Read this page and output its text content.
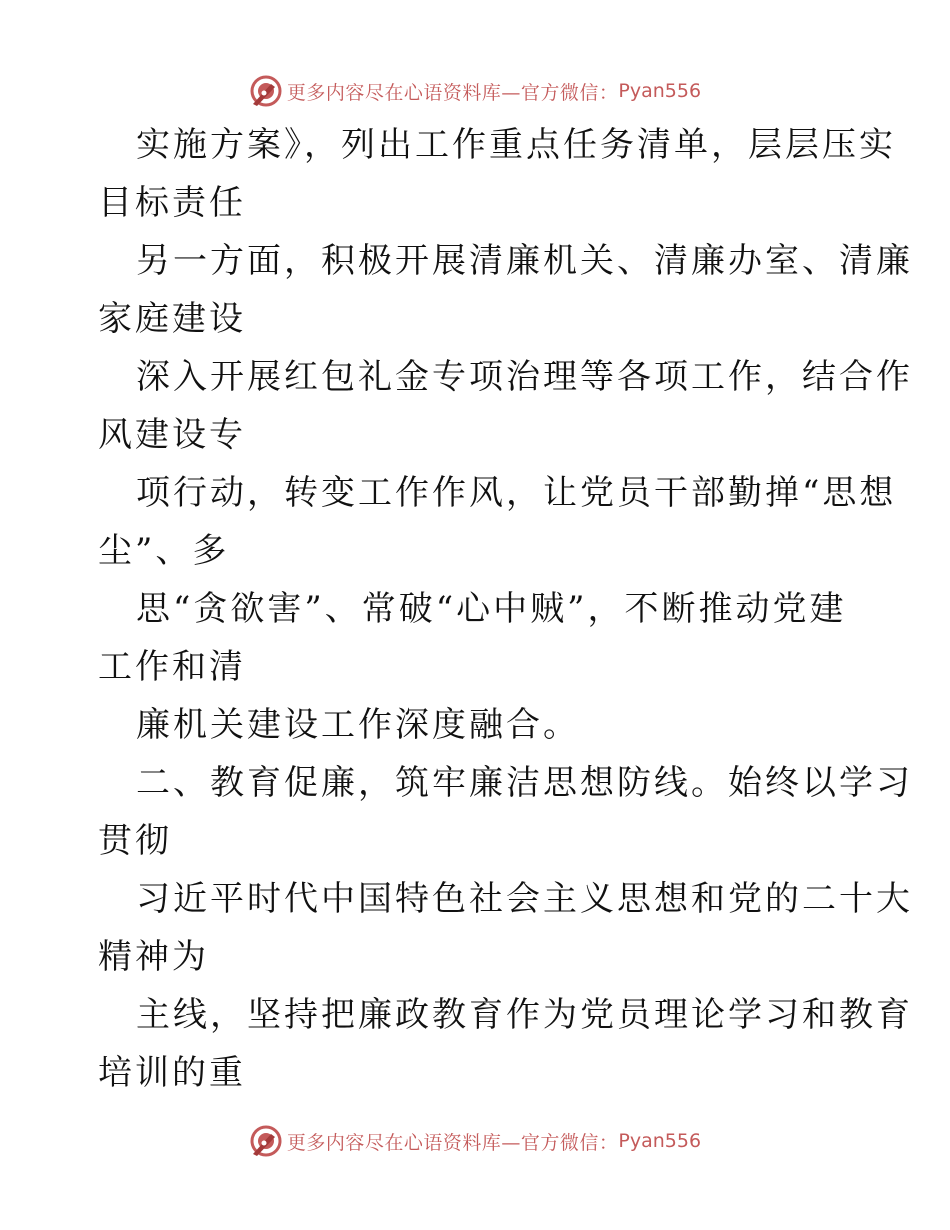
更多内容尽在心语资料库—官方微信： Pyan556
实施方案》，列出工作重点任务清单，层层压实
目标责任
另一方面，积极开展清廉机关、清廉办室、清廉
家庭建设
深入开展红包礼金专项治理等各项工作，结合作
风建设专
项行动，转变工作作风，让党员干部勤掸“思想
尘”、多
思“贪欲害”、常破“心中贼”，不断推动党建
工作和清
廉机关建设工作深度融合。
二、教育促廉，筑牢廉洁思想防线。始终以学习
贯彻
习近平时代中国特色社会主义思想和党的二十大
精神为
主线，坚持把廉政教育作为党员理论学习和教育
培训的重
更多内容尽在心语资料库—官方微信： Pyan556
